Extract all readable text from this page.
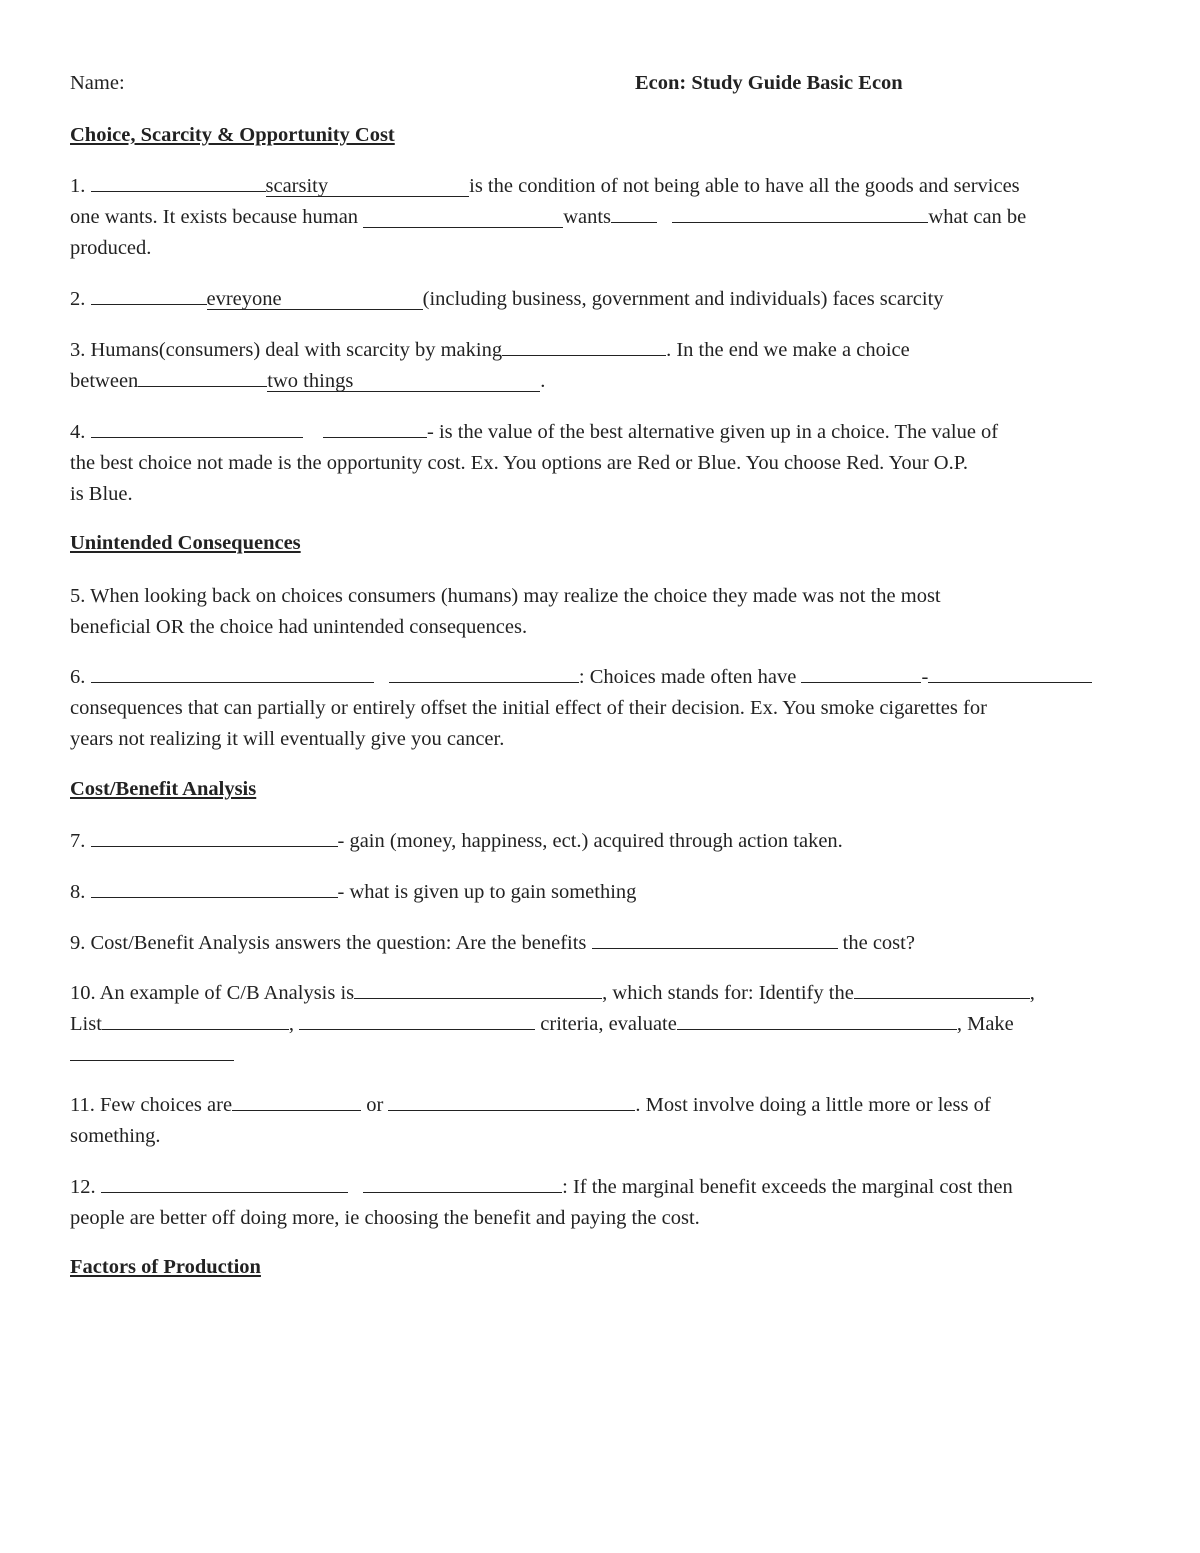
Name:	Econ: Study Guide Basic Econ
Choice, Scarcity & Opportunity Cost
1.	scarsity	is the condition of not being able to have all the goods and services
one wants. It exists because human	wants	what can be
produced.
2.	evreyone	(including business, government and individuals) faces scarcity
3. Humans(consumers) deal with scarcity by making	. In the end we make a choice
between	two things	.
4.	- is the value of the best alternative given up in a choice. The value of
the best choice not made is the opportunity cost. Ex. You options are Red or Blue. You choose Red. Your O.P.
is Blue.
Unintended Consequences
5. When looking back on choices consumers (humans) may realize the choice they made was not the most
beneficial OR the choice had unintended consequences.
6.	: Choices made often have	-
consequences that can partially or entirely offset the initial effect of their decision. Ex. You smoke cigarettes for
years not realizing it will eventually give you cancer.
Cost/Benefit Analysis
7.	- gain (money, happiness, ect.) acquired through action taken.
8.	- what is given up to gain something
9. Cost/Benefit Analysis answers the question: Are the benefits	the cost?
10. An example of C/B Analysis is	, which stands for: Identify the	,
List	,	criteria, evaluate	, Make

11. Few choices are	or	. Most involve doing a little more or less of
something.
12.	: If the marginal benefit exceeds the marginal cost then
people are better off doing more, ie choosing the benefit and paying the cost.
Factors of Production
